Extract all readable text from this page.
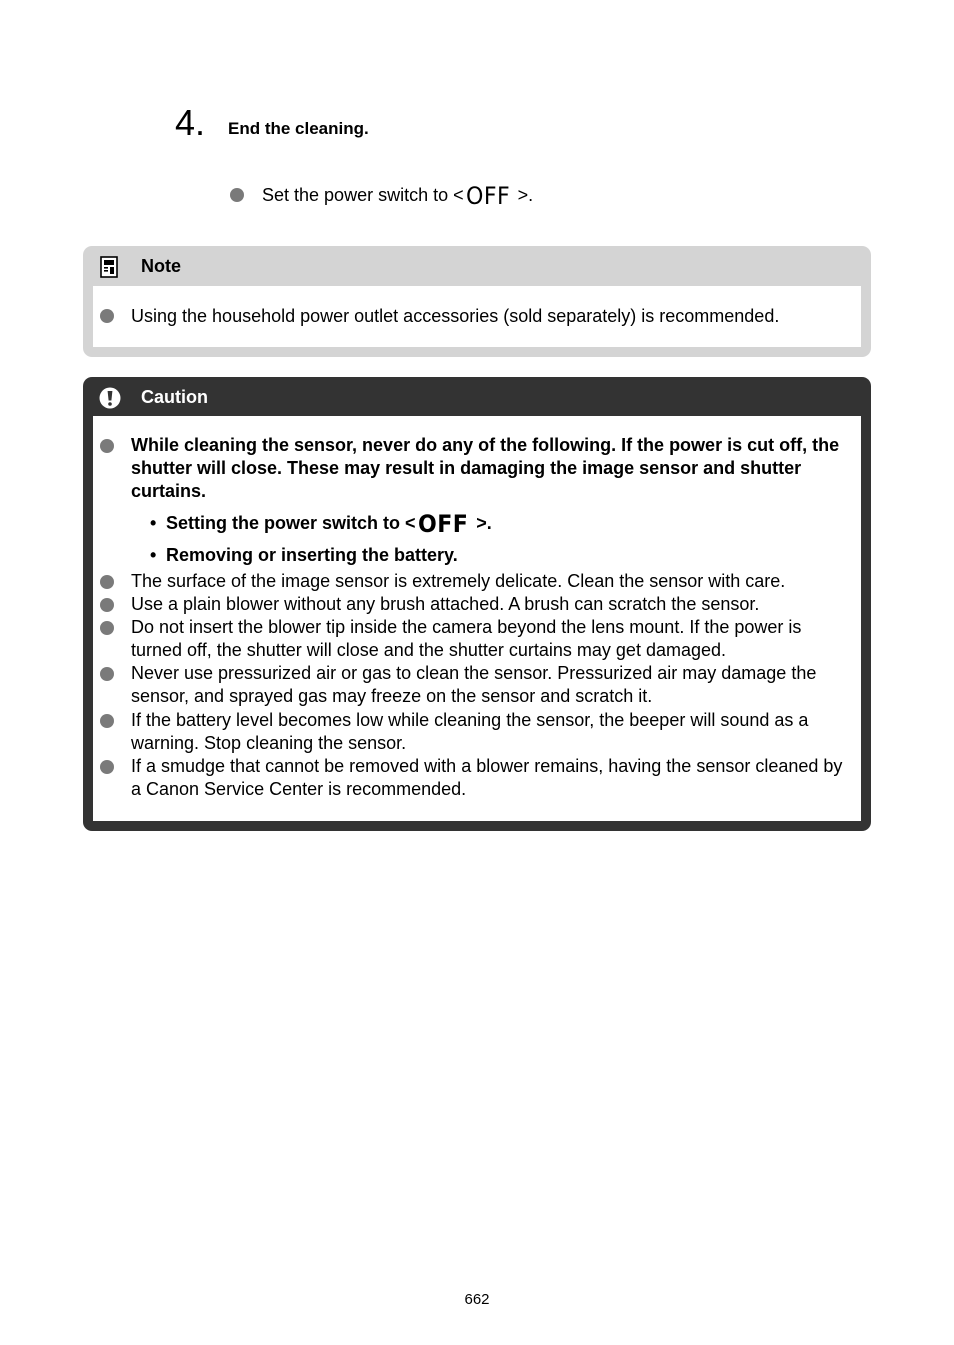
4. End the cleaning.
Set the power switch to <OFF >.
Note
Using the household power outlet accessories (sold separately) is recommended.
Caution
While cleaning the sensor, never do any of the following. If the power is cut off, the shutter will close. These may result in damaging the image sensor and shutter curtains.
• Setting the power switch to <OFF >.
• Removing or inserting the battery.
The surface of the image sensor is extremely delicate. Clean the sensor with care.
Use a plain blower without any brush attached. A brush can scratch the sensor.
Do not insert the blower tip inside the camera beyond the lens mount. If the power is turned off, the shutter will close and the shutter curtains may get damaged.
Never use pressurized air or gas to clean the sensor. Pressurized air may damage the sensor, and sprayed gas may freeze on the sensor and scratch it.
If the battery level becomes low while cleaning the sensor, the beeper will sound as a warning. Stop cleaning the sensor.
If a smudge that cannot be removed with a blower remains, having the sensor cleaned by a Canon Service Center is recommended.
662
